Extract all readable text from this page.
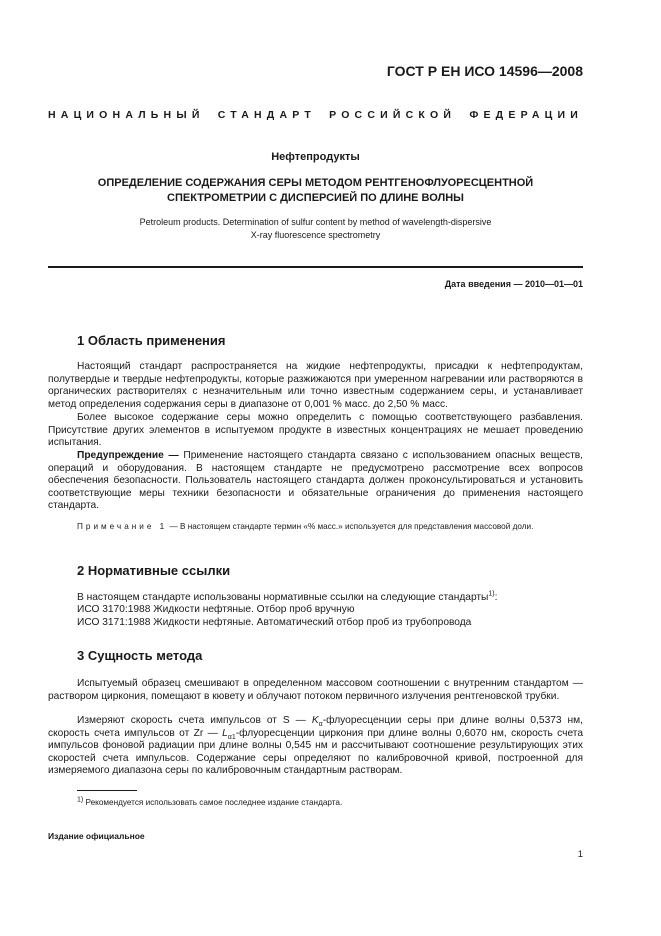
ГОСТ Р ЕН ИСО 14596—2008
НАЦИОНАЛЬНЫЙ СТАНДАРТ РОССИЙСКОЙ ФЕДЕРАЦИИ
Нефтепродукты
ОПРЕДЕЛЕНИЕ СОДЕРЖАНИЯ СЕРЫ МЕТОДОМ РЕНТГЕНОФЛУОРЕСЦЕНТНОЙ
СПЕКТРОМЕТРИИ С ДИСПЕРСИЕЙ ПО ДЛИНЕ ВОЛНЫ
Petroleum products. Determination of sulfur content by method of wavelength-dispersive
X-ray fluorescence spectrometry
Дата введения — 2010—01—01
1 Область применения
Настоящий стандарт распространяется на жидкие нефтепродукты, присадки к нефтепродуктам, полутвердые и твердые нефтепродукты, которые разжижаются при умеренном нагревании или растворяются в органических растворителях с незначительным или точно известным содержанием серы, и устанавливает метод определения содержания серы в диапазоне от 0,001 % масс. до 2,50 % масс.
Более высокое содержание серы можно определить с помощью соответствующего разбавления. Присутствие других элементов в испытуемом продукте в известных концентрациях не мешает проведению испытания.
Предупреждение — Применение настоящего стандарта связано с использованием опасных веществ, операций и оборудования. В настоящем стандарте не предусмотрено рассмотрение всех вопросов обеспечения безопасности. Пользователь настоящего стандарта должен проконсультироваться и установить соответствующие меры техники безопасности и обязательные ограничения до применения настоящего стандарта.
Примечание 1 — В настоящем стандарте термин «% масс.» используется для представления массовой доли.
2 Нормативные ссылки
В настоящем стандарте использованы нормативные ссылки на следующие стандарты$^{1)}$:
ИСО 3170:1988 Жидкости нефтяные. Отбор проб вручную
ИСО 3171:1988 Жидкости нефтяные. Автоматический отбор проб из трубопровода
3 Сущность метода
Испытуемый образец смешивают в определенном массовом соотношении с внутренним стандартом — раствором циркония, помещают в кювету и облучают потоком первичного излучения рентгеновской трубки.
Измеряют скорость счета импульсов от S — $K_\alpha$-флуоресценции серы при длине волны 0,5373 нм, скорость счета импульсов от Zr — $L_{\alpha 1}$-флуоресценции циркония при длине волны 0,6070 нм, скорость счета импульсов фоновой радиации при длине волны 0,545 нм и рассчитывают соотношение результирующих этих скоростей счета импульсов. Содержание серы определяют по калибровочной кривой, построенной для измеряемого диапазона серы по калибровочным стандартным растворам.
$^{1)}$ Рекомендуется использовать самое последнее издание стандарта.
Издание официальное
1
